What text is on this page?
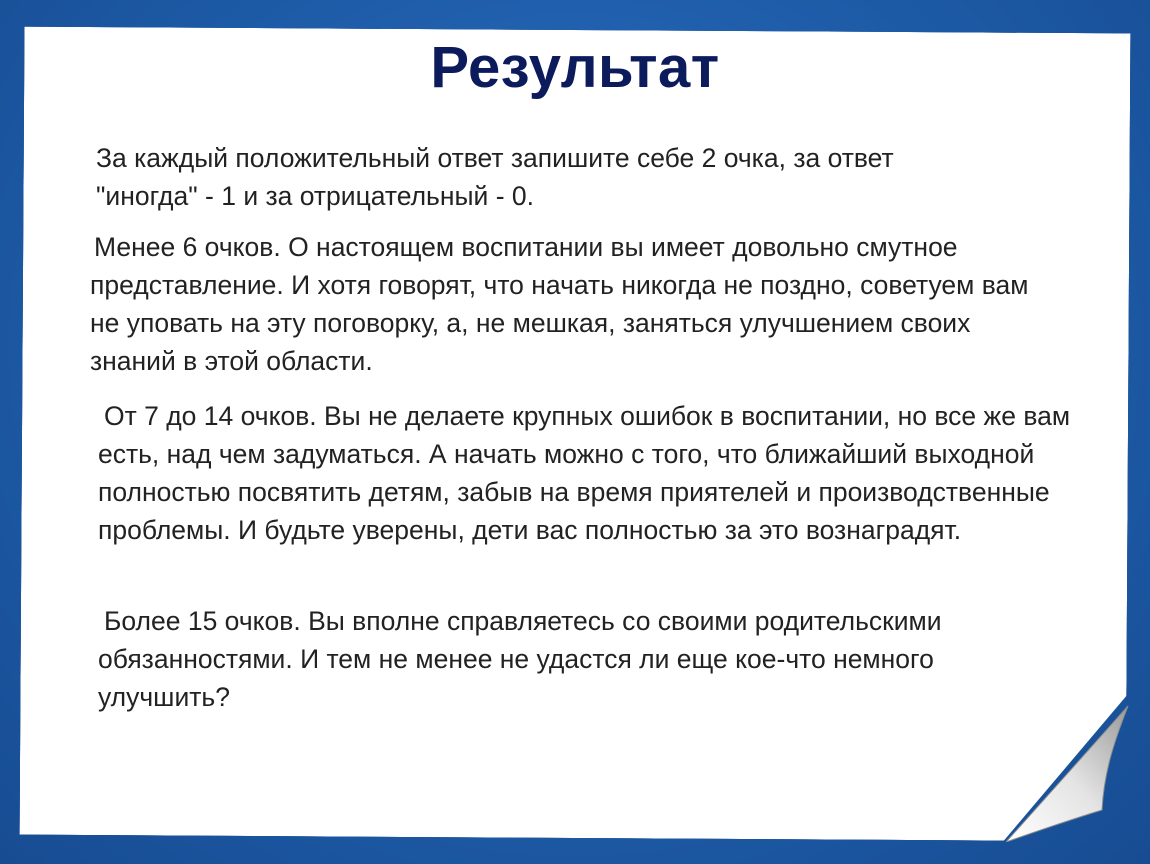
Результат

За каждый положительный ответ запишите себе 2 очка, за ответ "иногда" - 1 и за отрицательный - 0.

Менее 6 очков. О настоящем воспитании вы имеет довольно смутное представление. И хотя говорят, что начать никогда не поздно, советуем вам не уповать на эту поговорку, а, не мешкая, заняться улучшением своих знаний в этой области.

От 7 до 14 очков. Вы не делаете крупных ошибок в воспитании, но все же вам есть, над чем задуматься. А начать можно с того, что ближайший выходной полностью посвятить детям, забыв на время приятелей и производственные проблемы. И будьте уверены, дети вас полностью за это вознаградят.

Более 15 очков. Вы вполне справляетесь со своими родительскими обязанностями. И тем не менее не удастся ли еще кое-что немного улучшить?
